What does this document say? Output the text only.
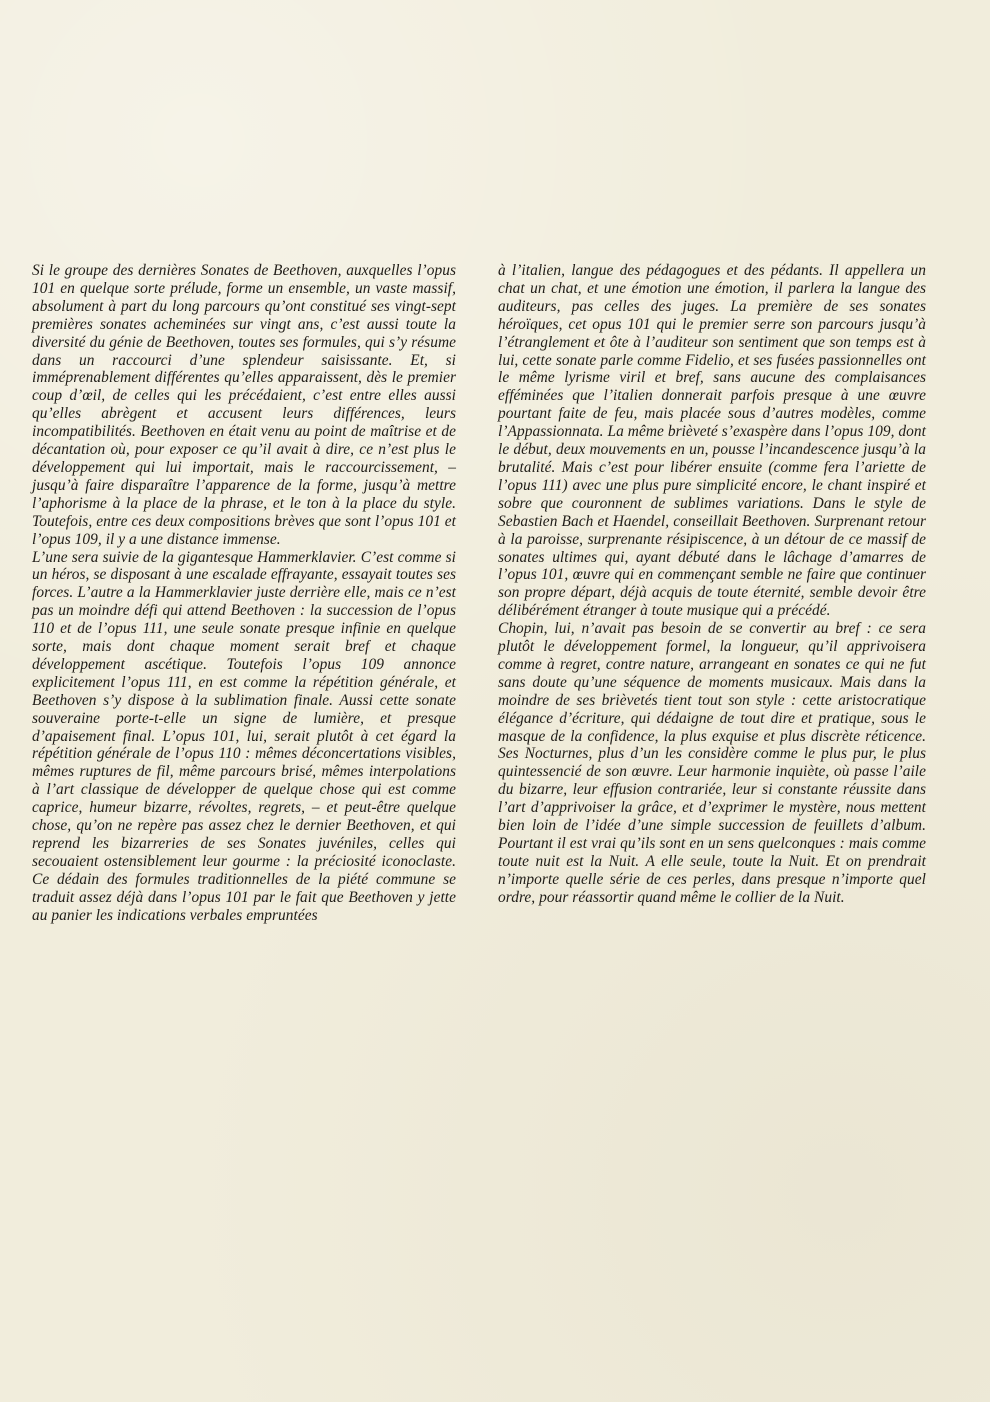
Si le groupe des dernières Sonates de Beethoven, auxquelles l’opus 101 en quelque sorte prélude, forme un ensemble, un vaste massif, absolument à part du long parcours qu’ont constitué ses vingt-sept premières sonates acheminées sur vingt ans, c’est aussi toute la diversité du génie de Beethoven, toutes ses formules, qui s’y résume dans un raccourci d’une splendeur saisissante. Et, si imméprenablement différentes qu’elles apparaissent, dès le premier coup d’œil, de celles qui les précédaient, c’est entre elles aussi qu’elles abrègent et accusent leurs différences, leurs incompatibilités. Beethoven en était venu au point de maîtrise et de décantation où, pour exposer ce qu’il avait à dire, ce n’est plus le développement qui lui importait, mais le raccourcissement, – jusqu’à faire disparaître l’apparence de la forme, jusqu’à mettre l’aphorisme à la place de la phrase, et le ton à la place du style. Toutefois, entre ces deux compositions brèves que sont l’opus 101 et l’opus 109, il y a une distance immense.

L’une sera suivie de la gigantesque Hammerklavier. C’est comme si un héros, se disposant à une escalade effrayante, essayait toutes ses forces. L’autre a la Hammerklavier juste derrière elle, mais ce n’est pas un moindre défi qui attend Beethoven : la succession de l’opus 110 et de l’opus 111, une seule sonate presque infinie en quelque sorte, mais dont chaque moment serait bref et chaque développement ascétique. Toutefois l’opus 109 annonce explicitement l’opus 111, en est comme la répétition générale, et Beethoven s’y dispose à la sublimation finale. Aussi cette sonate souveraine porte-t-elle un signe de lumière, et presque d’apaisement final. L’opus 101, lui, serait plutôt à cet égard la répétition générale de l’opus 110 : mêmes déconcertations visibles, mêmes ruptures de fil, même parcours brisé, mêmes interpolations à l’art classique de développer de quelque chose qui est comme caprice, humeur bizarre, révoltes, regrets, – et peut-être quelque chose, qu’on ne repère pas assez chez le dernier Beethoven, et qui reprend les bizarreries de ses Sonates juvéniles, celles qui secouaient ostensiblement leur gourme : la préciosité iconoclaste. Ce dédain des formules traditionnelles de la piété commune se traduit assez déjà dans l’opus 101 par le fait que Beethoven y jette au panier les indications verbales empruntées

à l’italien, langue des pédagogues et des pédants. Il appellera un chat un chat, et une émotion une émotion, il parlera la langue des auditeurs, pas celles des juges. La première de ses sonates héroïques, cet opus 101 qui le premier serre son parcours jusqu’à l’étranglement et ôte à l’auditeur son sentiment que son temps est à lui, cette sonate parle comme Fidelio, et ses fusées passionnelles ont le même lyrisme viril et bref, sans aucune des complaisances efféminées que l’italien donnerait parfois presque à une œuvre pourtant faite de feu, mais placée sous d’autres modèles, comme l’Appassionnata. La même brièveté s’exaspère dans l’opus 109, dont le début, deux mouvements en un, pousse l’incandescence jusqu’à la brutalité. Mais c’est pour libérer ensuite (comme fera l’ariette de l’opus 111) avec une plus pure simplicité encore, le chant inspiré et sobre que couronnent de sublimes variations. Dans le style de Sebastien Bach et Haendel, conseillait Beethoven. Surprenant retour à la paroisse, surprenante résipiscence, à un détour de ce massif de sonates ultimes qui, ayant débuté dans le lâchage d’amarres de l’opus 101, œuvre qui en commençant semble ne faire que continuer son propre départ, déjà acquis de toute éternité, semble devoir être délibérément étranger à toute musique qui a précédé.

Chopin, lui, n’avait pas besoin de se convertir au bref : ce sera plutôt le développement formel, la longueur, qu’il apprivoisera comme à regret, contre nature, arrangeant en sonates ce qui ne fut sans doute qu’une séquence de moments musicaux. Mais dans la moindre de ses brièvetés tient tout son style : cette aristocratique élégance d’écriture, qui dédaigne de tout dire et pratique, sous le masque de la confidence, la plus exquise et plus discrète réticence. Ses Nocturnes, plus d’un les considère comme le plus pur, le plus quintessencié de son œuvre. Leur harmonie inquiète, où passe l’aile du bizarre, leur effusion contrariée, leur si constante réussite dans l’art d’apprivoiser la grâce, et d’exprimer le mystère, nous mettent bien loin de l’idée d’une simple succession de feuillets d’album. Pourtant il est vrai qu’ils sont en un sens quelconques : mais comme toute nuit est la Nuit. A elle seule, toute la Nuit. Et on prendrait n’importe quelle série de ces perles, dans presque n’importe quel ordre, pour réassortir quand même le collier de la Nuit.
